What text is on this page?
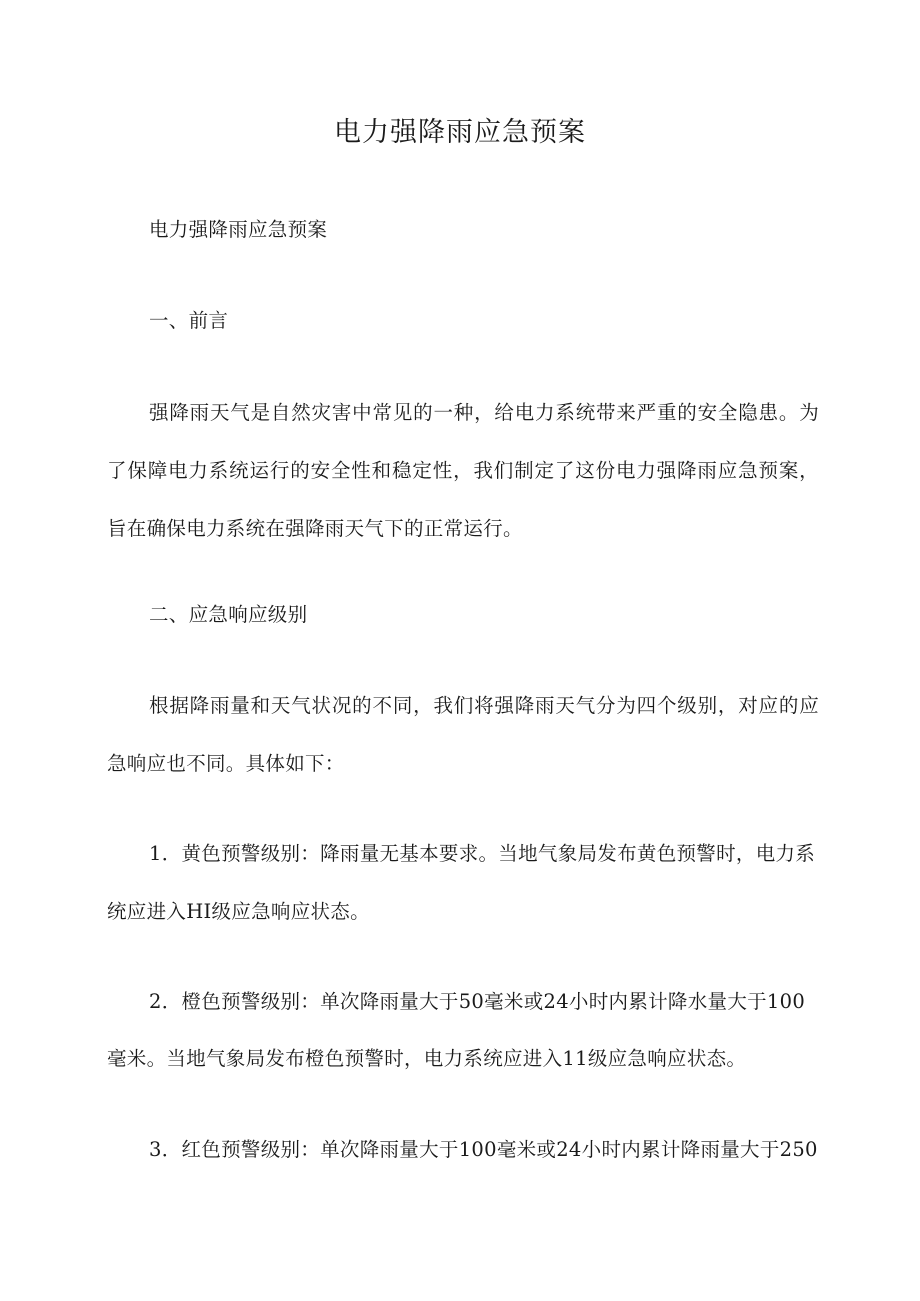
电力强降雨应急预案

电力强降雨应急预案

一、前言

强降雨天气是自然灾害中常见的一种，给电力系统带来严重的安全隐患。为了保障电力系统运行的安全性和稳定性，我们制定了这份电力强降雨应急预案，旨在确保电力系统在强降雨天气下的正常运行。

二、应急响应级别

根据降雨量和天气状况的不同，我们将强降雨天气分为四个级别，对应的应急响应也不同。具体如下：

1．黄色预警级别：降雨量无基本要求。当地气象局发布黄色预警时，电力系

统应进入HI级应急响应状态。

2．橙色预警级别：单次降雨量大于50毫米或24小时内累计降水量大于100

毫米。当地气象局发布橙色预警时，电力系统应进入11级应急响应状态。

3．红色预警级别：单次降雨量大于100毫米或24小时内累计降雨量大于250
